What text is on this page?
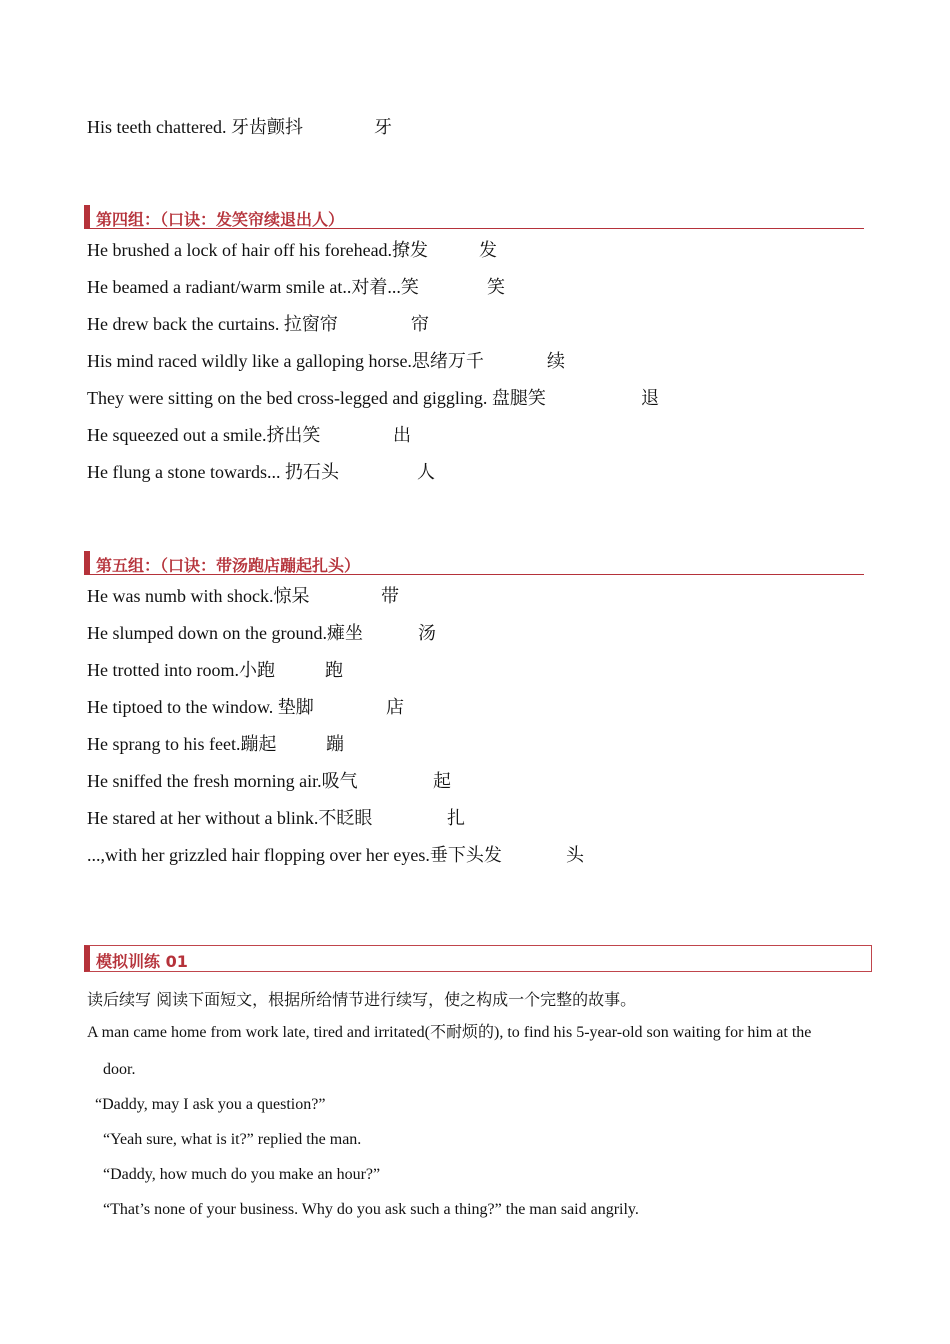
His teeth chattered. 牙齿颤抖	牙
第四组：（口诀：发笑帘续退出人）
He brushed a lock of hair off his forehead.撩发	发
He beamed a radiant/warm smile at..对着...笑	笑
He drew back the curtains. 拉窗帘	帘
His mind raced wildly like a galloping horse.思绪万千	续
They were sitting on the bed cross-legged and giggling. 盘腿笑	退
He squeezed out a smile.挤出笑	出
He flung a stone towards... 扔石头	人
第五组：（口诀：带汤跑店蹦起扎头）
He was numb with shock.惊呆	带
He slumped down on the ground.瘫坐	汤
He trotted into room.小跑	跑
He tiptoed to the window. 垫脚	店
He sprang to his feet.蹦起	蹦
He sniffed the fresh morning air.吸气	起
He stared at her without a blink.不眨眼	扎
...,with her grizzled hair flopping over her eyes.垂下头发	头
模拟训练 01
读后续写 阅读下面短文，根据所给情节进行续写，使之构成一个完整的故事。
A man came home from work late, tired and irritated(不耐烦的), to find his 5-year-old son waiting for him at the
door.
“Daddy, may I ask you a question?”
“Yeah sure, what is it?” replied the man.
“Daddy, how much do you make an hour?”
“That’s none of your business. Why do you ask such a thing?” the man said angrily.
